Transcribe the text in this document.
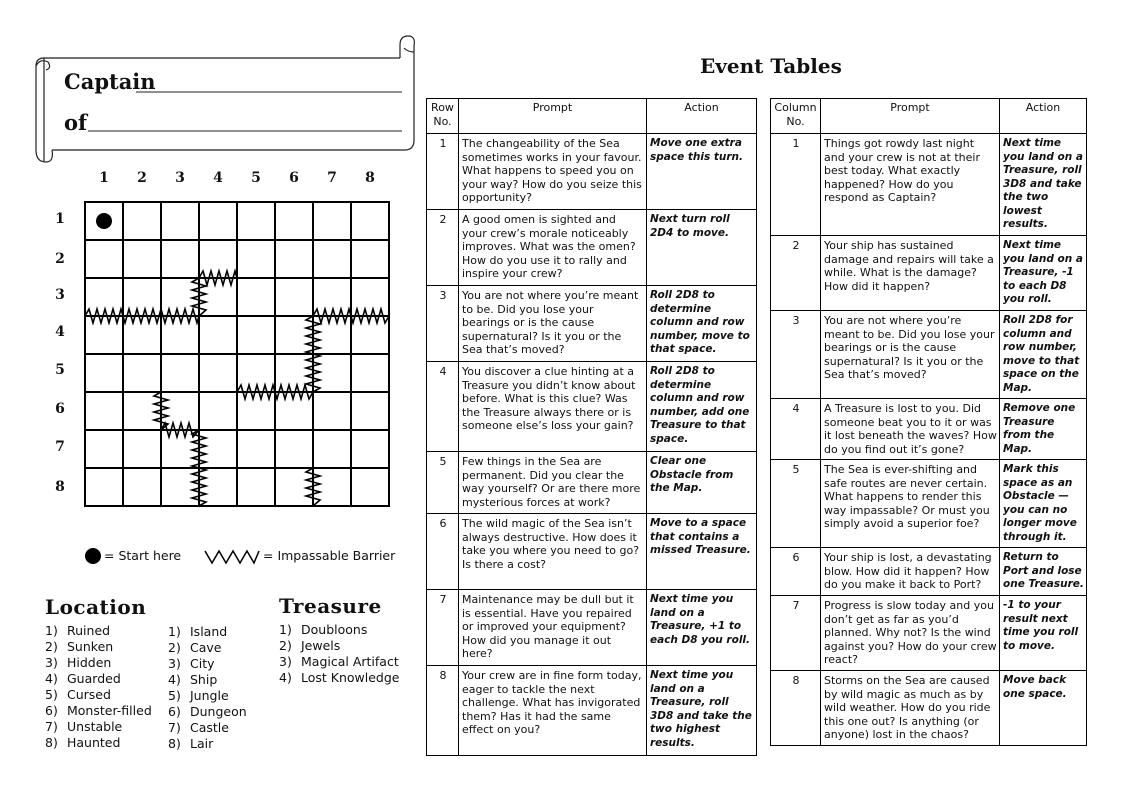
Captain
of
1	2	3	4	5	6	7	8
1
2
3
4
5
6
7
8
= Start here	= Impassable Barrier
Location
1) Ruined
2) Sunken
3) Hidden
4) Guarded
5) Cursed
6) Monster-filled
7) Unstable
8) Haunted
1) Island
2) Cave
3) City
4) Ship
5) Jungle
6) Dungeon
7) Castle
8) Lair
Treasure
1) Doubloons
2) Jewels
3) Magical Artifact
4) Lost Knowledge
Event Tables
Row No.	Prompt	Action
1	The changeability of the Sea sometimes works in your favour. What happens to speed you on your way? How do you seize this opportunity?	Move one extra space this turn.
2	A good omen is sighted and your crew’s morale noticeably improves. What was the omen? How do you use it to rally and inspire your crew?	Next turn roll 2D4 to move.
3	You are not where you’re meant to be. Did you lose your bearings or is the cause supernatural? Is it you or the Sea that’s moved?	Roll 2D8 to determine column and row number, move to that space.
4	You discover a clue hinting at a Treasure you didn’t know about before. What is this clue? Was the Treasure always there or is someone else’s loss your gain?	Roll 2D8 to determine column and row number, add one Treasure to that space.
5	Few things in the Sea are permanent. Did you clear the way yourself? Or are there more mysterious forces at work?	Clear one Obstacle from the Map.
6	The wild magic of the Sea isn’t always destructive. How does it take you where you need to go? Is there a cost?	Move to a space that contains a missed Treasure.
7	Maintenance may be dull but it is essential. Have you repaired or improved your equipment? How did you manage it out here?	Next time you land on a Treasure, +1 to each D8 you roll.
8	Your crew are in fine form today, eager to tackle the next challenge. What has invigorated them? Has it had the same effect on you?	Next time you land on a Treasure, roll 3D8 and take the two highest results.
Column No.	Prompt	Action
1	Things got rowdy last night and your crew is not at their best today. What exactly happened? How do you respond as Captain?	Next time you land on a Treasure, roll 3D8 and take the two lowest results.
2	Your ship has sustained damage and repairs will take a while. What is the damage? How did it happen?	Next time you land on a Treasure, -1 to each D8 you roll.
3	You are not where you’re meant to be. Did you lose your bearings or is the cause supernatural? Is it you or the Sea that’s moved?	Roll 2D8 for column and row number, move to that space on the Map.
4	A Treasure is lost to you. Did someone beat you to it or was it lost beneath the waves? How do you find out it’s gone?	Remove one Treasure from the Map.
5	The Sea is ever-shifting and safe routes are never certain. What happens to render this way impassable? Or must you simply avoid a superior foe?	Mark this space as an Obstacle — you can no longer move through it.
6	Your ship is lost, a devastating blow. How did it happen? How do you make it back to Port?	Return to Port and lose one Treasure.
7	Progress is slow today and you don’t get as far as you’d planned. Why not? Is the wind against you? How do your crew react?	-1 to your result next time you roll to move.
8	Storms on the Sea are caused by wild magic as much as by wild weather. How do you ride this one out? Is anything (or anyone) lost in the chaos?	Move back one space.
